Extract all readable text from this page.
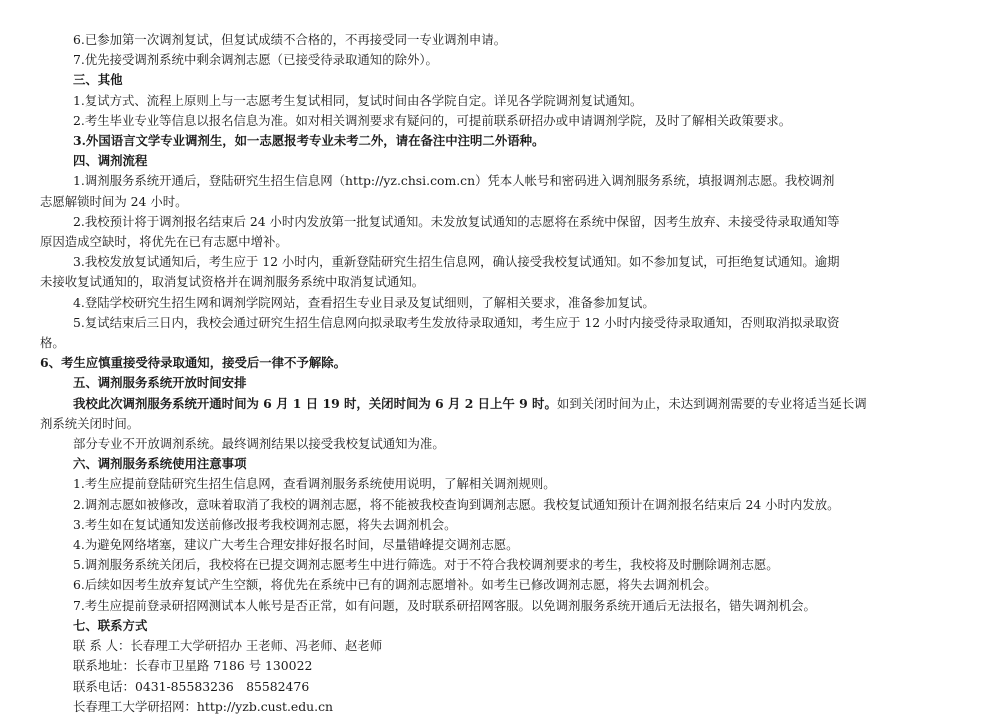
6.已参加第一次调剂复试，但复试成绩不合格的，不再接受同一专业调剂申请。

7.优先接受调剂系统中剩余调剂志愿（已接受待录取通知的除外）。

三、其他

1.复试方式、流程上原则上与一志愿考生复试相同，复试时间由各学院自定。详见各学院调剂复试通知。

2.考生毕业专业等信息以报名信息为准。如对相关调剂要求有疑问的，可提前联系研招办或申请调剂学院，及时了解相关政策要求。

3.外国语言文学专业调剂生，如一志愿报考专业未考二外，请在备注中注明二外语种。

四、调剂流程

1.调剂服务系统开通后，登陆研究生招生信息网（http://yz.chsi.com.cn）凭本人帐号和密码进入调剂服务系统，填报调剂志愿。我校调剂

志愿解锁时间为 24 小时。

2.我校预计将于调剂报名结束后 24 小时内发放第一批复试通知。未发放复试通知的志愿将在系统中保留，因考生放弃、未接受待录取通知等

原因造成空缺时，将优先在已有志愿中增补。

3.我校发放复试通知后，考生应于 12 小时内，重新登陆研究生招生信息网，确认接受我校复试通知。如不参加复试，可拒绝复试通知。逾期

未接收复试通知的，取消复试资格并在调剂服务系统中取消复试通知。

4.登陆学校研究生招生网和调剂学院网站，查看招生专业目录及复试细则，了解相关要求，准备参加复试。

5.复试结束后三日内，我校会通过研究生招生信息网向拟录取考生发放待录取通知，考生应于 12 小时内接受待录取通知，否则取消拟录取资

格。

6、考生应慎重接受待录取通知，接受后一律不予解除。

五、调剂服务系统开放时间安排

我校此次调剂服务系统开通时间为 6 月 1 日 19 时，关闭时间为 6 月 2 日上午 9 时。如到关闭时间为止，未达到调剂需要的专业将适当延长调

剂系统关闭时间。

部分专业不开放调剂系统。最终调剂结果以接受我校复试通知为准。

六、调剂服务系统使用注意事项

1.考生应提前登陆研究生招生信息网，查看调剂服务系统使用说明，了解相关调剂规则。

2.调剂志愿如被修改，意味着取消了我校的调剂志愿，将不能被我校查询到调剂志愿。我校复试通知预计在调剂报名结束后 24 小时内发放。

3.考生如在复试通知发送前修改报考我校调剂志愿，将失去调剂机会。

4.为避免网络堵塞，建议广大考生合理安排好报名时间，尽量错峰提交调剂志愿。

5.调剂服务系统关闭后，我校将在已提交调剂志愿考生中进行筛选。对于不符合我校调剂要求的考生，我校将及时删除调剂志愿。

6.后续如因考生放弃复试产生空额，将优先在系统中已有的调剂志愿增补。如考生已修改调剂志愿，将失去调剂机会。

7.考生应提前登录研招网测试本人帐号是否正常，如有问题，及时联系研招网客服。以免调剂服务系统开通后无法报名，错失调剂机会。

七、联系方式

联 系 人：长春理工大学研招办 王老师、冯老师、赵老师

联系地址：长春市卫星路 7186 号 130022

联系电话：0431-85583236　85582476

长春理工大学研招网：http://yzb.cust.edu.cn
